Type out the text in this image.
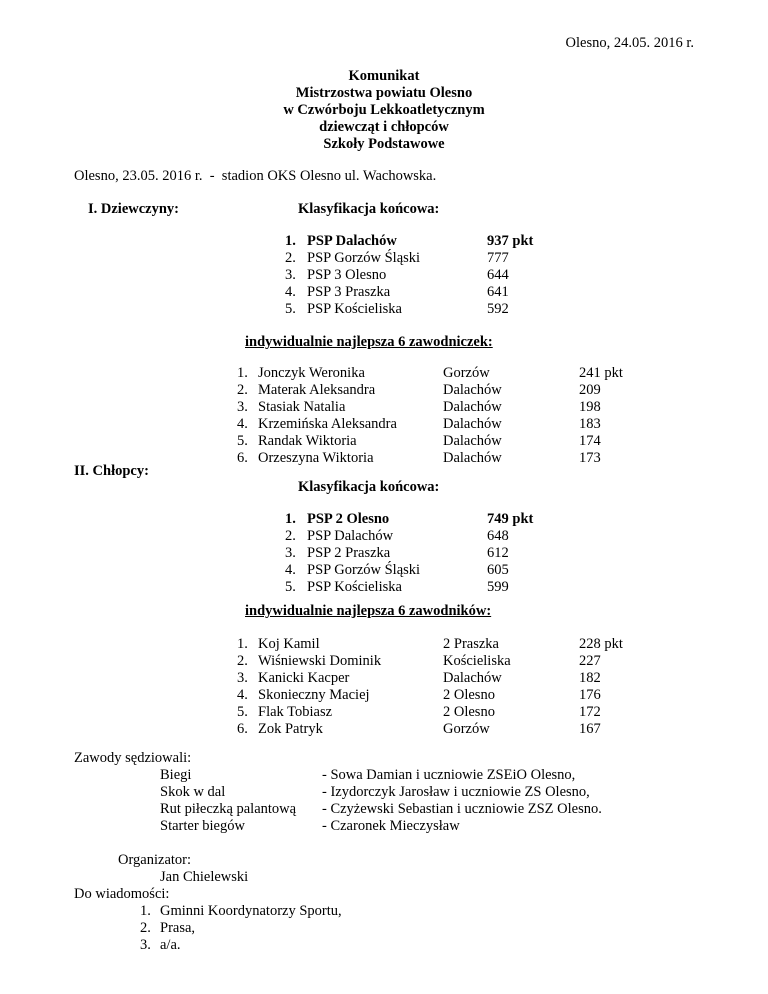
Olesno, 24.05. 2016 r.
Komunikat
Mistrzostwa powiatu Olesno
w Czwórboju Lekkoatletycznym
dziewcząt i chłopców
Szkoły Podstawowe
Olesno, 23.05. 2016 r.  -  stadion OKS Olesno ul. Wachowska.
I. Dziewczyny:	Klasyfikacja końcowa:
1. PSP Dalachów	937 pkt
2. PSP Gorzów Śląski	777
3. PSP 3 Olesno	644
4. PSP 3 Praszka	641
5. PSP Kościeliska	592
indywidualnie najlepsza 6 zawodniczek:
1. Jonczyk Weronika	Gorzów	241 pkt
2. Materak Aleksandra	Dalachów	209
3. Stasiak Natalia	Dalachów	198
4. Krzemińska Aleksandra	Dalachów	183
5. Randak Wiktoria	Dalachów	174
6. Orzeszyna Wiktoria	Dalachów	173
II. Chłopcy:
Klasyfikacja końcowa:
1. PSP 2 Olesno	749 pkt
2. PSP Dalachów	648
3. PSP 2 Praszka	612
4. PSP Gorzów Śląski	605
5. PSP Kościeliska	599
indywidualnie najlepsza 6 zawodników:
1. Koj Kamil	2 Praszka	228 pkt
2. Wiśniewski Dominik	Kościeliska	227
3. Kanicki Kacper	Dalachów	182
4. Skonieczny Maciej	2 Olesno	176
5. Flak Tobiasz	2 Olesno	172
6. Zok Patryk	Gorzów	167
Zawody sędziowali:
Biegi	- Sowa Damian i uczniowie ZSEiO Olesno,
Skok w dal	- Izydorczyk Jarosław i uczniowie ZS Olesno,
Rut piłeczką palantową - Czyżewski Sebastian i uczniowie ZSZ Olesno.
Starter biegów	- Czaronek Mieczysław
Organizator:
Jan Chielewski
Do wiadomości:
1. Gminni Koordynatorzy Sportu,
2. Prasa,
3. a/a.
